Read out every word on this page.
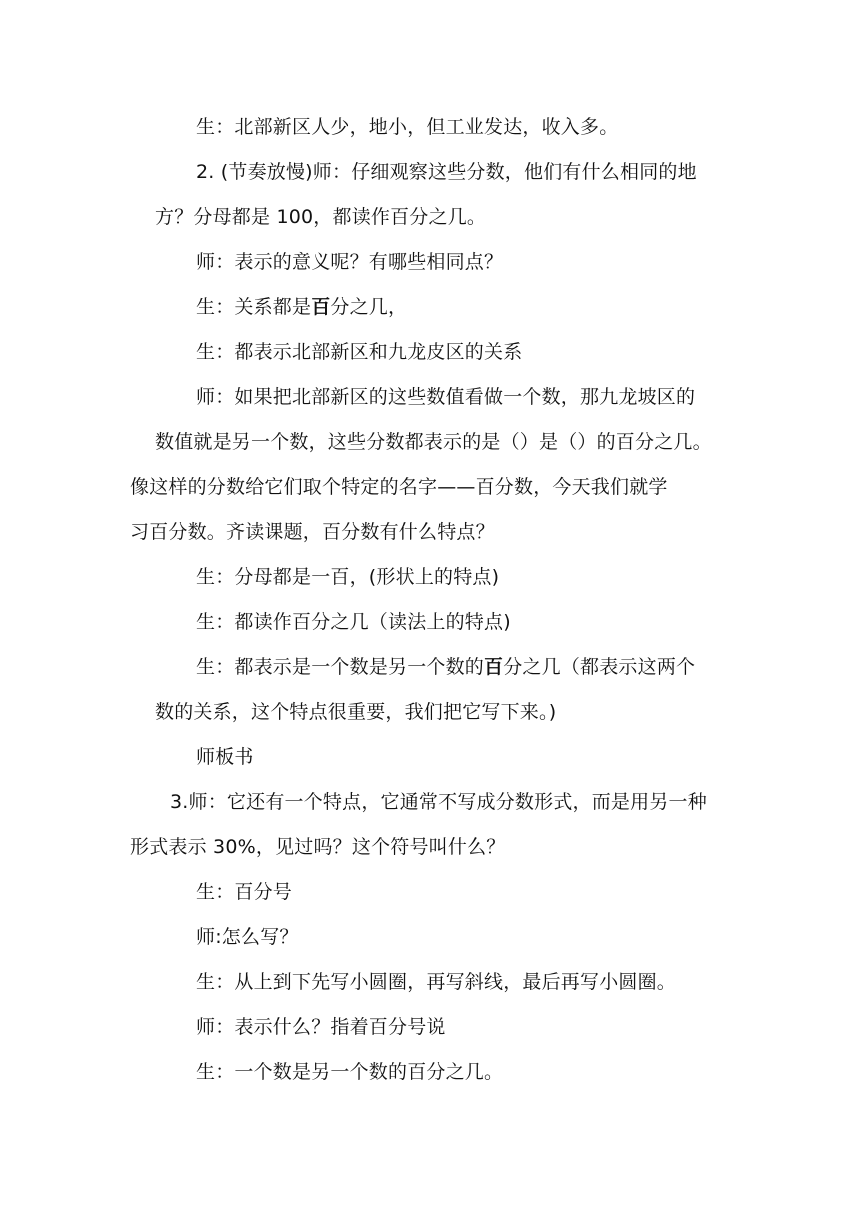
生：北部新区人少，地小，但工业发达，收入多。
2. (节奏放慢)师：仔细观察这些分数，他们有什么相同的地
方？分母都是 100，都读作百分之几。
师：表示的意义呢？有哪些相同点？
生：关系都是百分之几，
生：都表示北部新区和九龙皮区的关系
师：如果把北部新区的这些数值看做一个数，那九龙坡区的
数值就是另一个数，这些分数都表示的是（）是（）的百分之几。
像这样的分数给它们取个特定的名字——百分数，今天我们就学
习百分数。齐读课题，百分数有什么特点？
生：分母都是一百，(形状上的特点)
生：都读作百分之几（读法上的特点)
生：都表示是一个数是另一个数的百分之几（都表示这两个
数的关系，这个特点很重要，我们把它写下来。)
师板书
3.师：它还有一个特点，它通常不写成分数形式，而是用另一种
形式表示 30%，见过吗？这个符号叫什么？
生：百分号
师:怎么写？
生：从上到下先写小圆圈，再写斜线，最后再写小圆圈。
师：表示什么？指着百分号说
生：一个数是另一个数的百分之几。
